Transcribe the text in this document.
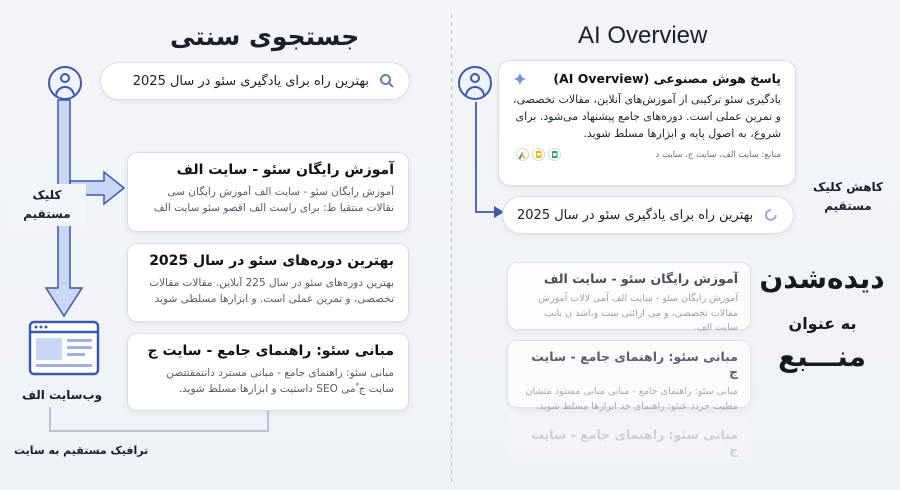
جستجوی سنتی
بهترین راه برای یادگیری سئو در سال 2025
کلیک
مستقیم
وب‌سایت الف
ترافیک مستقیم به سایت
آموزش رایگان سئو - سایت الف
آموزش رایگان سئو - سایت الف آموزش رایگان سی نقالات منتقیا ط: برای راست الف اقصو سئو سایت الف
بهترین دوره‌های سئو در سال 2025
بهترین دوره‌های سئو در سال 225 آنلاین. مقالات مقالات تخصصی، و تمرین عملی است. و ابزارها مسلطی شوید
مبانی سئو: راهنمای جامع - سایت ج
مبانی سئو: راهنمای جامع - مبانی مسترد دانتمقتتصن سایت ج ٌمی SEO داستیت و ابزارها مسلط شوید.
AI Overview
پاسخ هوش مصنوعی (AI Overview)
یادگیری سئو ترکیبی از آموزش‌های آنلاین، مقالات تخصصی، و تمرین عملی است. دوره‌های جامع پیشنهاد می‌شود. برای شروع، به اصول پایه و ابزارها مسلط شوید.
منابع: سایت الف، سایت ج، سایت د
بهترین راه برای یادگیری سئو در سال 2025
کاهش کلیک
مستقیم
آموزش رایگان سئو - سایت الف
آموزش رایگان سئو - سایت الف آمی لالات آموزش مقالات تخصصی، و می ارائتی ست و،اشد ن بابت سایت الف.
مبانی سئو: راهنمای جامع - سایت ج
مبانی سئو: راهنمای جامع - مبانی مبانی مستود متشان مطیت حردد عنئو: راهنمای حد ابزارها مسلط شوید.
مبانی سئو: راهنمای جامع - سایت ج
دیده‌شدن
به عنوان
منـــبع
